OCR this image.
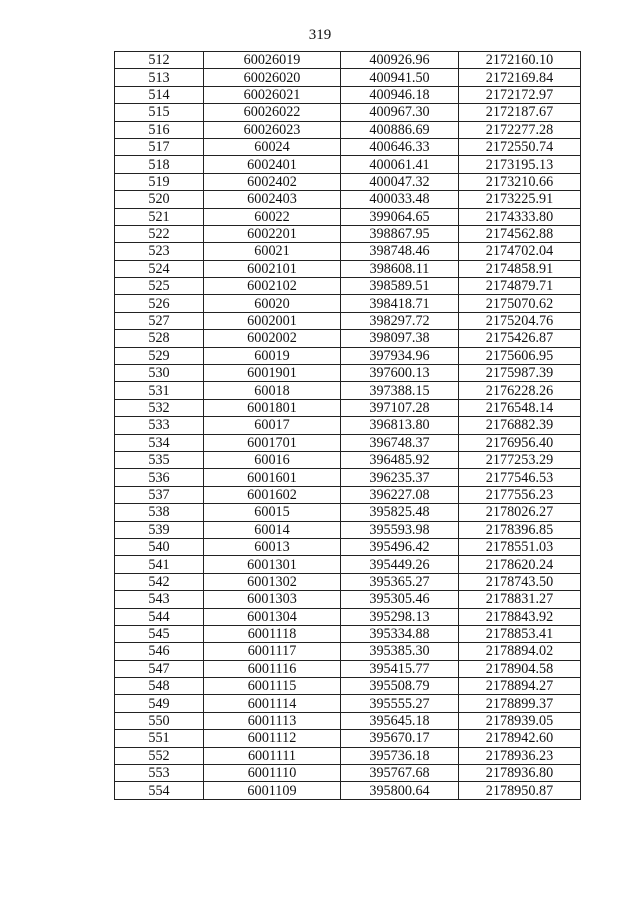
319
512	60026019	400926.96	2172160.10
513	60026020	400941.50	2172169.84
514	60026021	400946.18	2172172.97
515	60026022	400967.30	2172187.67
516	60026023	400886.69	2172277.28
517	60024	400646.33	2172550.74
518	6002401	400061.41	2173195.13
519	6002402	400047.32	2173210.66
520	6002403	400033.48	2173225.91
521	60022	399064.65	2174333.80
522	6002201	398867.95	2174562.88
523	60021	398748.46	2174702.04
524	6002101	398608.11	2174858.91
525	6002102	398589.51	2174879.71
526	60020	398418.71	2175070.62
527	6002001	398297.72	2175204.76
528	6002002	398097.38	2175426.87
529	60019	397934.96	2175606.95
530	6001901	397600.13	2175987.39
531	60018	397388.15	2176228.26
532	6001801	397107.28	2176548.14
533	60017	396813.80	2176882.39
534	6001701	396748.37	2176956.40
535	60016	396485.92	2177253.29
536	6001601	396235.37	2177546.53
537	6001602	396227.08	2177556.23
538	60015	395825.48	2178026.27
539	60014	395593.98	2178396.85
540	60013	395496.42	2178551.03
541	6001301	395449.26	2178620.24
542	6001302	395365.27	2178743.50
543	6001303	395305.46	2178831.27
544	6001304	395298.13	2178843.92
545	6001118	395334.88	2178853.41
546	6001117	395385.30	2178894.02
547	6001116	395415.77	2178904.58
548	6001115	395508.79	2178894.27
549	6001114	395555.27	2178899.37
550	6001113	395645.18	2178939.05
551	6001112	395670.17	2178942.60
552	6001111	395736.18	2178936.23
553	6001110	395767.68	2178936.80
554	6001109	395800.64	2178950.87
